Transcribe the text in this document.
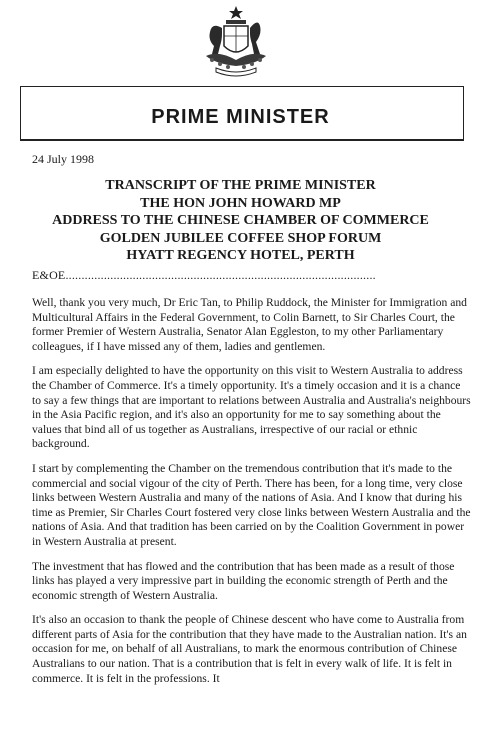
PRIME MINISTER
24 July 1998
TRANSCRIPT OF THE PRIME MINISTER
THE HON JOHN HOWARD MP
ADDRESS TO THE CHINESE CHAMBER OF COMMERCE
GOLDEN JUBILEE COFFEE SHOP FORUM
HYATT REGENCY HOTEL, PERTH
E&OE.................................................................................................

Well, thank you very much, Dr Eric Tan, to Philip Ruddock, the Minister for Immigration and Multicultural Affairs in the Federal Government, to Colin Barnett, to Sir Charles Court, the former Premier of Western Australia, Senator Alan Eggleston, to my other Parliamentary colleagues, if I have missed any of them, ladies and gentlemen.

I am especially delighted to have the opportunity on this visit to Western Australia to address the Chamber of Commerce. It's a timely opportunity. It's a timely occasion and it is a chance to say a few things that are important to relations between Australia and Australia's neighbours in the Asia Pacific region, and it's also an opportunity for me to say something about the values that bind all of us together as Australians, irrespective of our racial or ethnic background.

I start by complementing the Chamber on the tremendous contribution that it's made to the commercial and social vigour of the city of Perth. There has been, for a long time, very close links between Western Australia and many of the nations of Asia. And I know that during his time as Premier, Sir Charles Court fostered very close links between Western Australia and the nations of Asia. And that tradition has been carried on by the Coalition Government in power in Western Australia at present.

The investment that has flowed and the contribution that has been made as a result of those links has played a very impressive part in building the economic strength of Perth and the economic strength of Western Australia.

It's also an occasion to thank the people of Chinese descent who have come to Australia from different parts of Asia for the contribution that they have made to the Australian nation. It's an occasion for me, on behalf of all Australians, to mark the enormous contribution of Chinese Australians to our nation. That is a contribution that is felt in every walk of life. It is felt in commerce. It is felt in the professions. It
